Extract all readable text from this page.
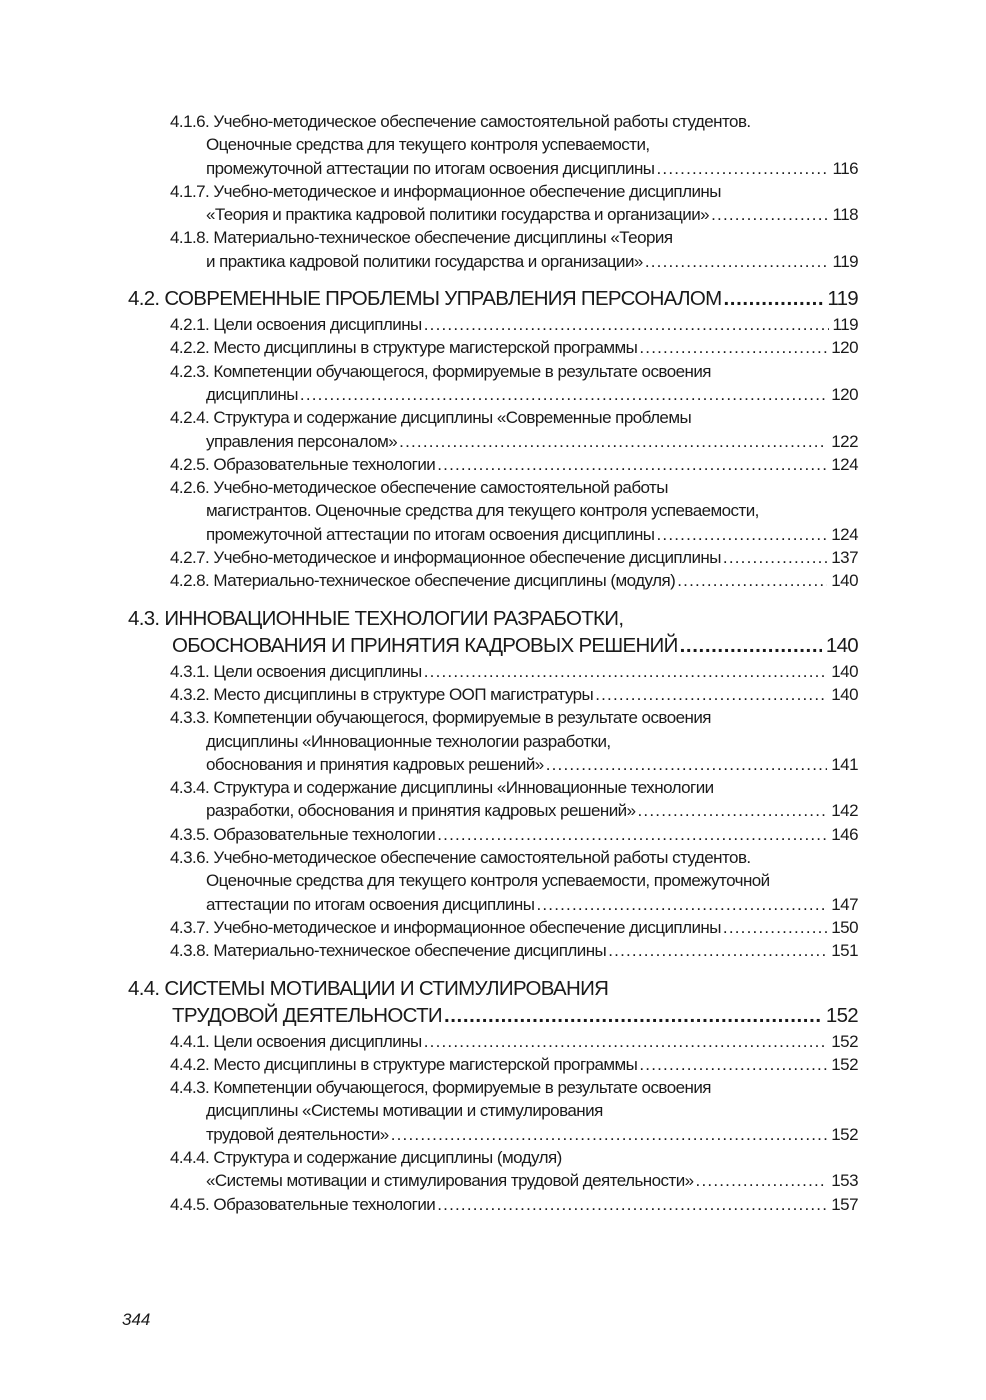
4.1.6. Учебно-методическое обеспечение самостоятельной работы студентов.
Оценочные средства для текущего контроля успеваемости,
промежуточной аттестации по итогам освоения дисциплины .....	116
4.1.7. Учебно-методическое и информационное обеспечение дисциплины
«Теория и практика кадровой политики государства и организации» .....	118
4.1.8. Материально-техническое обеспечение дисциплины «Теория
и практика кадровой политики государства и организации» .....	119
4.2. СОВРЕМЕННЫЕ ПРОБЛЕМЫ УПРАВЛЕНИЯ ПЕРСОНАЛОМ .....	119
4.2.1. Цели освоения дисциплины .....	119
4.2.2. Место дисциплины в структуре магистерской программы .....	120
4.2.3. Компетенции обучающегося, формируемые в результате освоения
дисциплины .....	120
4.2.4. Структура и содержание дисциплины «Современные проблемы
управления персоналом» .....	122
4.2.5. Образовательные технологии .....	124
4.2.6. Учебно-методическое обеспечение самостоятельной работы
магистрантов. Оценочные средства для текущего контроля успеваемости,
промежуточной аттестации по итогам освоения дисциплины .....	124
4.2.7. Учебно-методическое и информационное обеспечение дисциплины .....	137
4.2.8. Материально-техническое обеспечение дисциплины (модуля) .....	140
4.3. ИННОВАЦИОННЫЕ ТЕХНОЛОГИИ РАЗРАБОТКИ,
ОБОСНОВАНИЯ И ПРИНЯТИЯ КАДРОВЫХ РЕШЕНИЙ .....	140
4.3.1. Цели освоения дисциплины .....	140
4.3.2. Место дисциплины в структуре ООП магистратуры .....	140
4.3.3. Компетенции обучающегося, формируемые в результате освоения
дисциплины «Инновационные технологии разработки,
обоснования и принятия кадровых решений» .....	141
4.3.4. Структура и содержание дисциплины «Инновационные технологии
разработки, обоснования и принятия кадровых решений» .....	142
4.3.5. Образовательные технологии .....	146
4.3.6. Учебно-методическое обеспечение самостоятельной работы студентов.
Оценочные средства для текущего контроля успеваемости, промежуточной
аттестации по итогам освоения дисциплины .....	147
4.3.7. Учебно-методическое и информационное обеспечение дисциплины .....	150
4.3.8. Материально-техническое обеспечение дисциплины .....	151
4.4. СИСТЕМЫ МОТИВАЦИИ И СТИМУЛИРОВАНИЯ
ТРУДОВОЙ ДЕЯТЕЛЬНОСТИ .....	152
4.4.1. Цели освоения дисциплины .....	152
4.4.2. Место дисциплины в структуре магистерской программы .....	152
4.4.3. Компетенции обучающегося, формируемые в результате освоения
дисциплины «Системы мотивации и стимулирования
трудовой деятельности» .....	152
4.4.4. Структура и содержание дисциплины (модуля)
«Системы мотивации и стимулирования трудовой деятельности» .....	153
4.4.5. Образовательные технологии .....	157
344
